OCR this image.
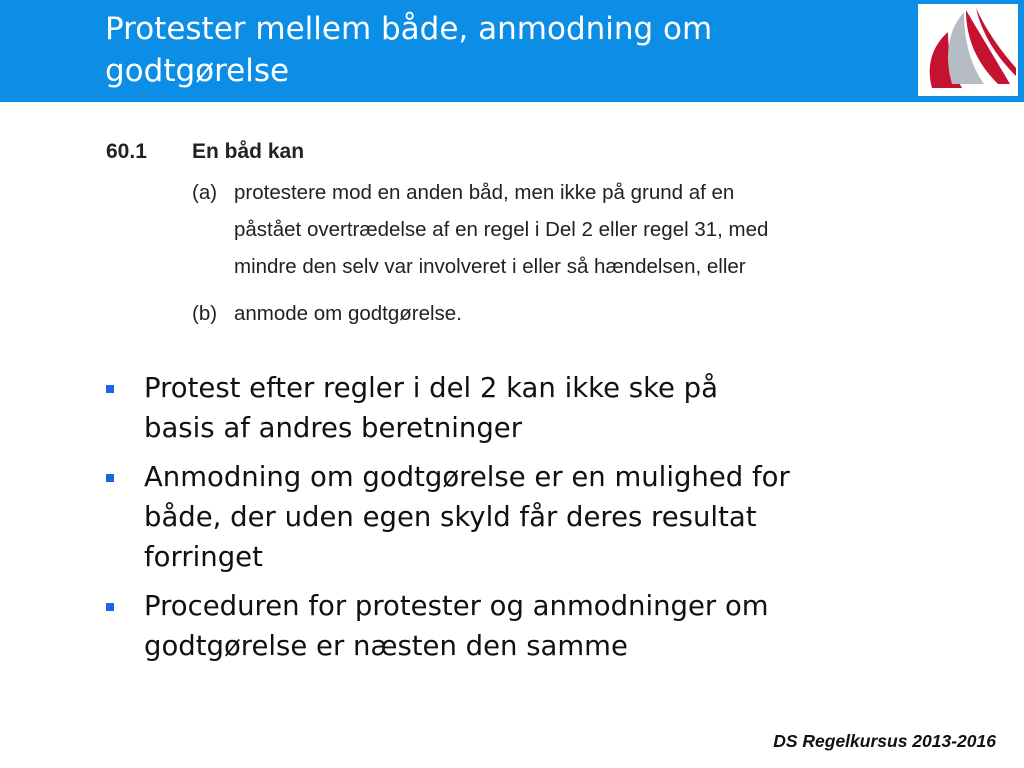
Protester mellem både, anmodning om godtgørelse
60.1	En båd kan
(a) protestere mod en anden båd, men ikke på grund af en
påstået overtrædelse af en regel i Del 2 eller regel 31, med
mindre den selv var involveret i eller så hændelsen, eller
(b) anmode om godtgørelse.
Protest efter regler i del 2 kan ikke ske på
basis af andres beretninger
Anmodning om godtgørelse er en mulighed for
både, der uden egen skyld får deres resultat
forringet
Proceduren for protester og anmodninger om
godtgørelse er næsten den samme
DS Regelkursus 2013-2016
